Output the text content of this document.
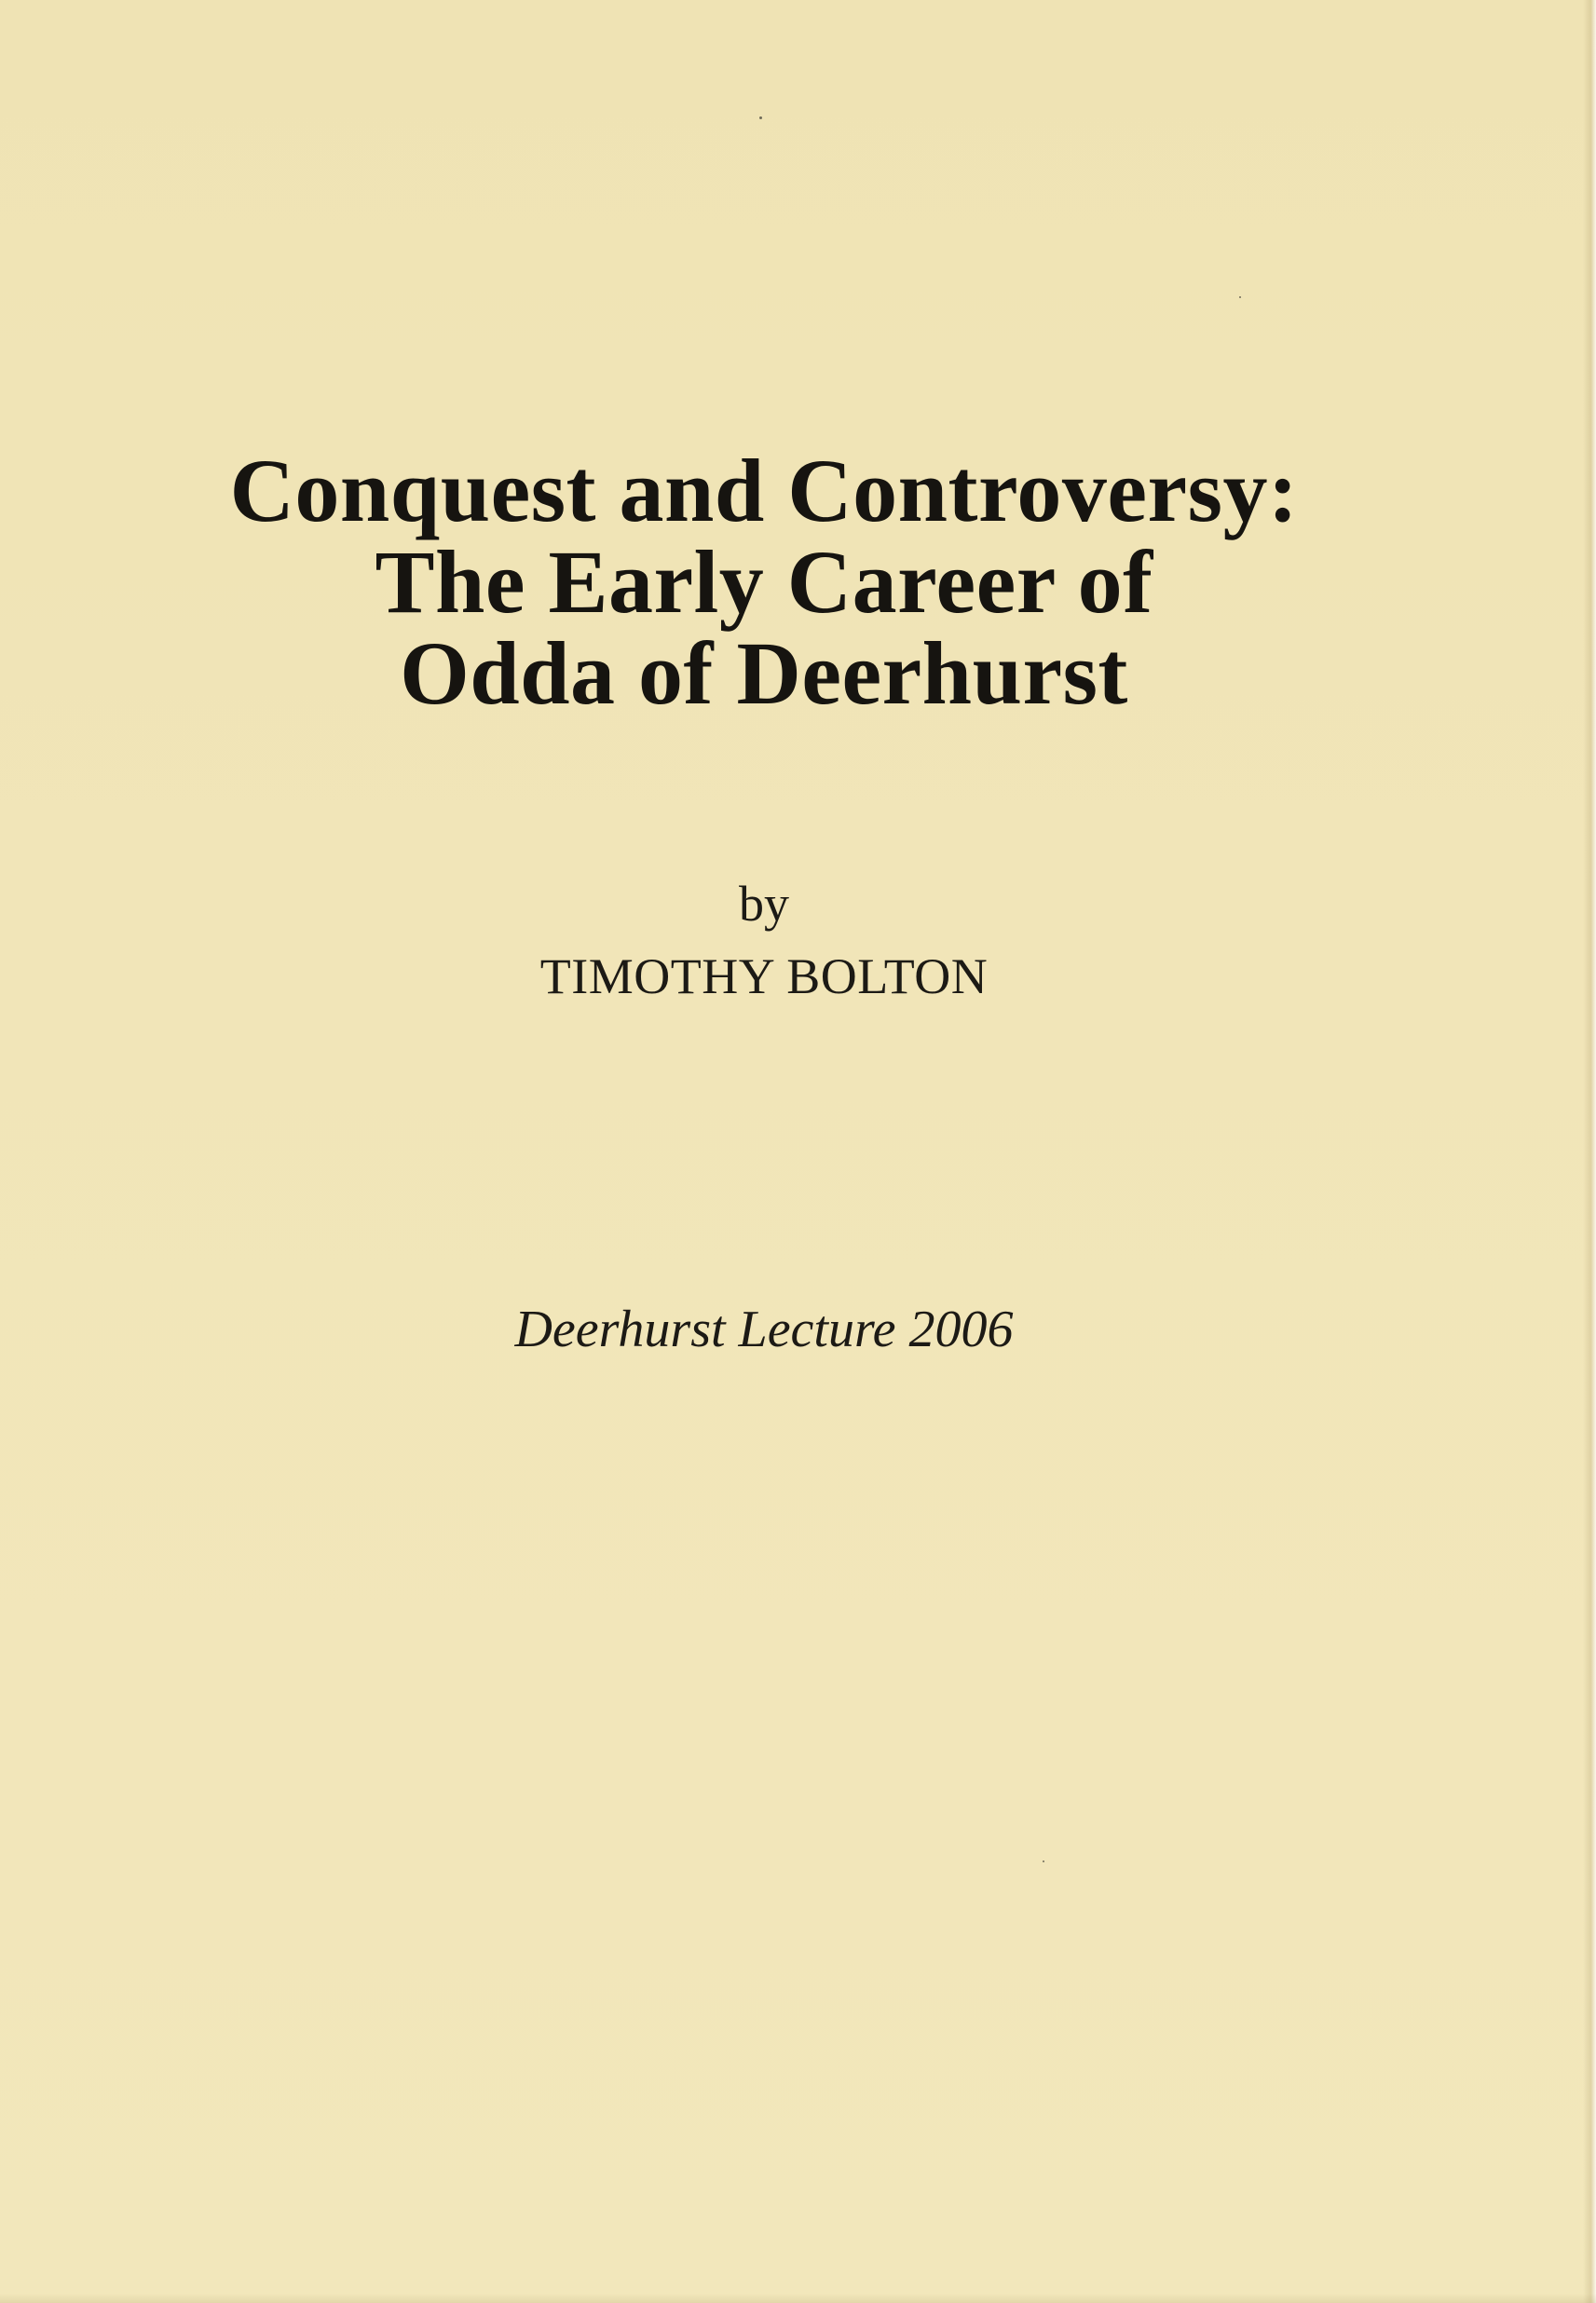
Conquest and Controversy:
The Early Career of
Odda of Deerhurst
by
TIMOTHY BOLTON
Deerhurst Lecture 2006
